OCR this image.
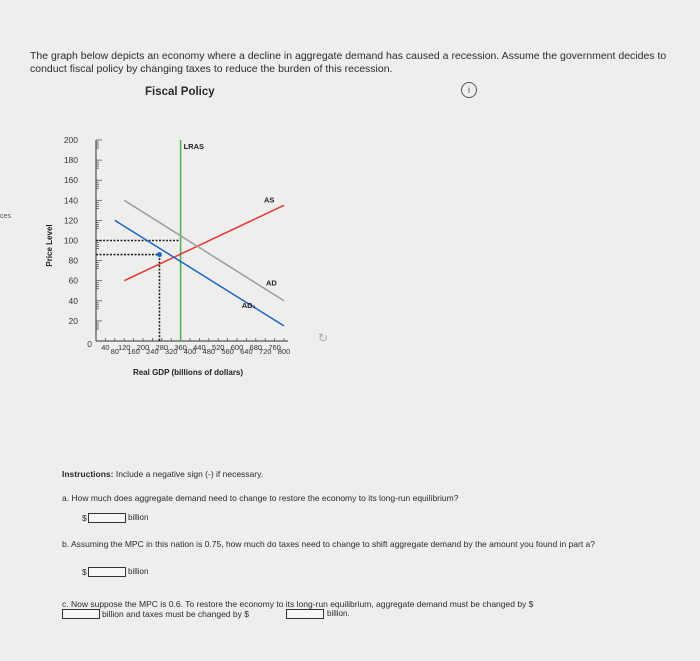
The graph below depicts an economy where a decline in aggregate demand has caused a recession. Assume the government decides to conduct fiscal policy by changing taxes to reduce the burden of this recession.
Fiscal Policy	i
ces
0
20
40
60
80
100
120
140
160
180
200
40 80
120
160
200
240
280
320
360
400
440
480
520
560
600
640
680
720
760
800
Price Level
Real GDP (billions of dollars)
LRAS
AS
AD
AD₁
↻
Instructions: Include a negative sign (-) if necessary.
a. How much does aggregate demand need to change to restore the economy to its long-run equilibrium?
$	billion
b. Assuming the MPC in this nation is 0.75, how much do taxes need to change to shift aggregate demand by the amount you found in part a?
$	billion
c. Now suppose the MPC is 0.6. To restore the economy to its long-run equilibrium, aggregate demand must be changed by $
billion and taxes must be changed by $	billion.
